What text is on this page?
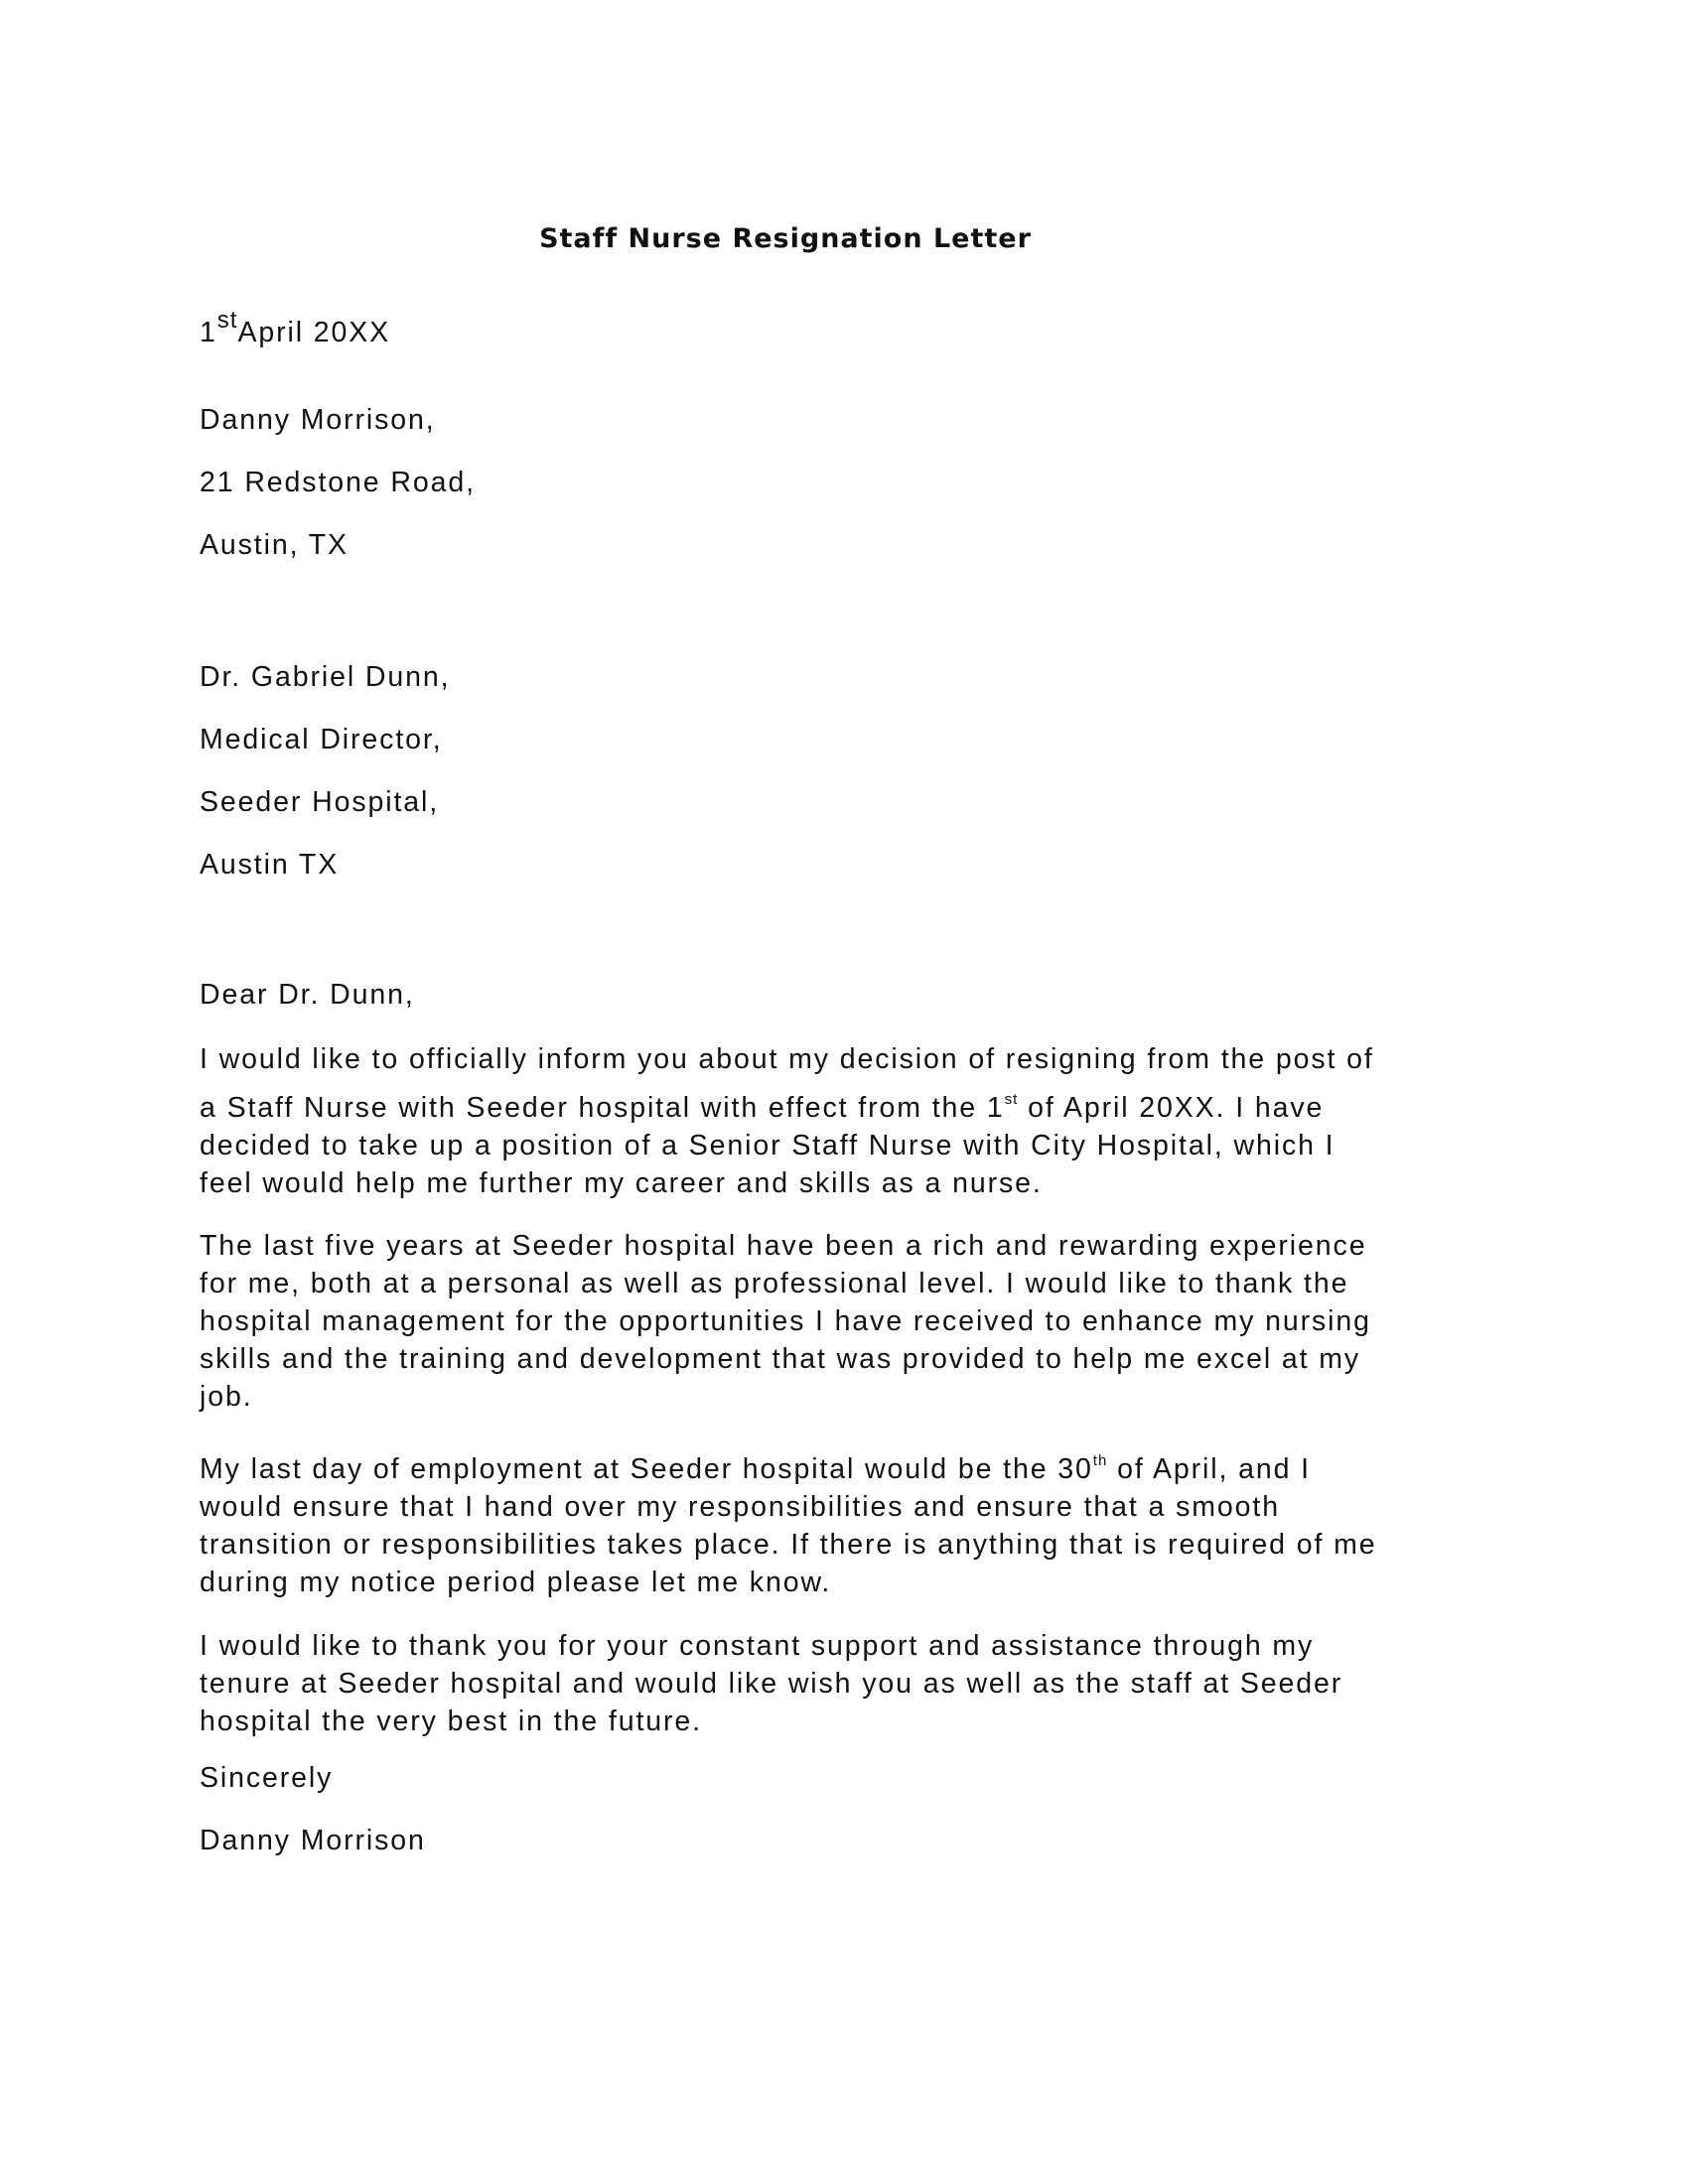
Staff Nurse Resignation Letter
1stApril 20XX
Danny Morrison,
21 Redstone Road,
Austin, TX
Dr. Gabriel Dunn,
Medical Director,
Seeder Hospital,
Austin TX
Dear Dr. Dunn,
I would like to officially inform you about my decision of resigning from the post of
a Staff Nurse with Seeder hospital with effect from the 1st of April 20XX. I have
decided to take up a position of a Senior Staff Nurse with City Hospital, which I
feel would help me further my career and skills as a nurse.
The last five years at Seeder hospital have been a rich and rewarding experience
for me, both at a personal as well as professional level. I would like to thank the
hospital management for the opportunities I have received to enhance my nursing
skills and the training and development that was provided to help me excel at my
job.
My last day of employment at Seeder hospital would be the 30th of April, and I
would ensure that I hand over my responsibilities and ensure that a smooth
transition or responsibilities takes place. If there is anything that is required of me
during my notice period please let me know.
I would like to thank you for your constant support and assistance through my
tenure at Seeder hospital and would like wish you as well as the staff at Seeder
hospital the very best in the future.
Sincerely
Danny Morrison
